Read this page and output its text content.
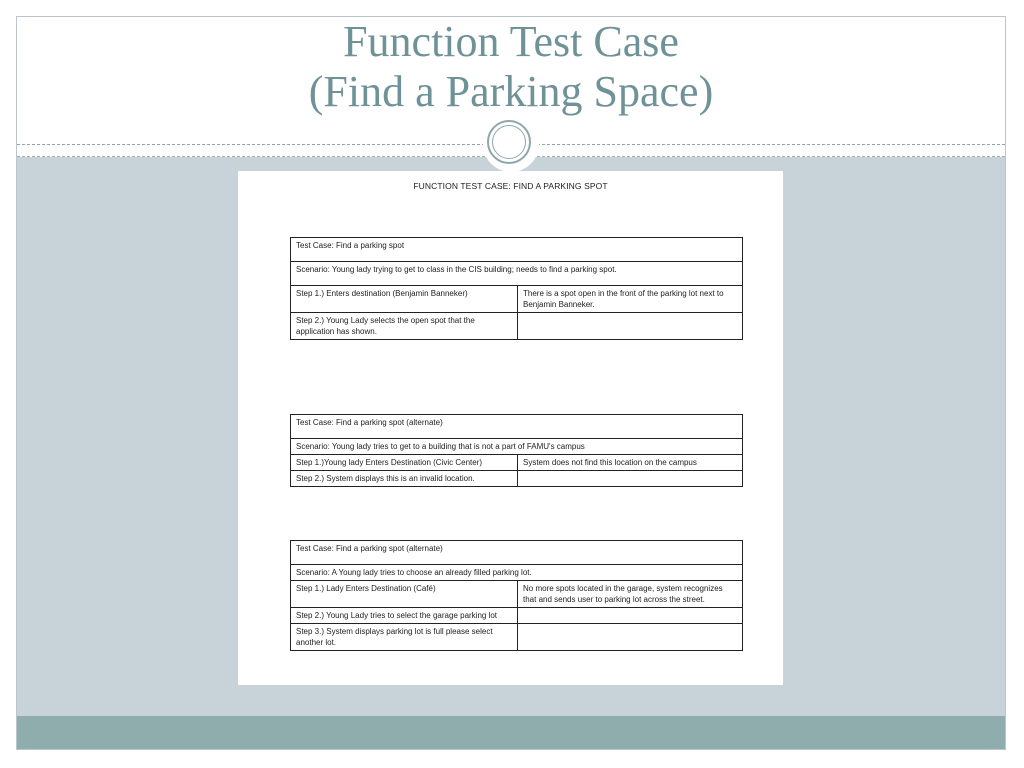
Function Test Case
(Find a Parking Space)
FUNCTION TEST CASE: FIND A PARKING SPOT
Test Case: Find a parking spot	
Scenario: Young lady trying to get to class in the CIS building; needs to find a parking spot.	
Step 1.) Enters destination (Benjamin Banneker)	There is a spot open in the front of the parking lot next to Benjamin Banneker.
Step 2.) Young Lady selects the open spot that the application has shown.	
Test Case: Find a parking spot (alternate)	
Scenario: Young lady tries to get to a building that is not a part of FAMU's campus	
Step 1.)Young lady Enters Destination (Civic Center)	System does not find this location on the campus
Step 2.) System displays this is an invalid location.	
Test Case: Find a parking spot (alternate)	
Scenario: A Young lady tries to choose an already filled parking lot.	
Step 1.) Lady Enters Destination (Café)	No more spots located in the garage, system recognizes that and sends user to parking lot across the street.
Step 2.) Young Lady tries to select the garage parking lot	
Step 3.) System displays parking lot is full please select another lot.	
